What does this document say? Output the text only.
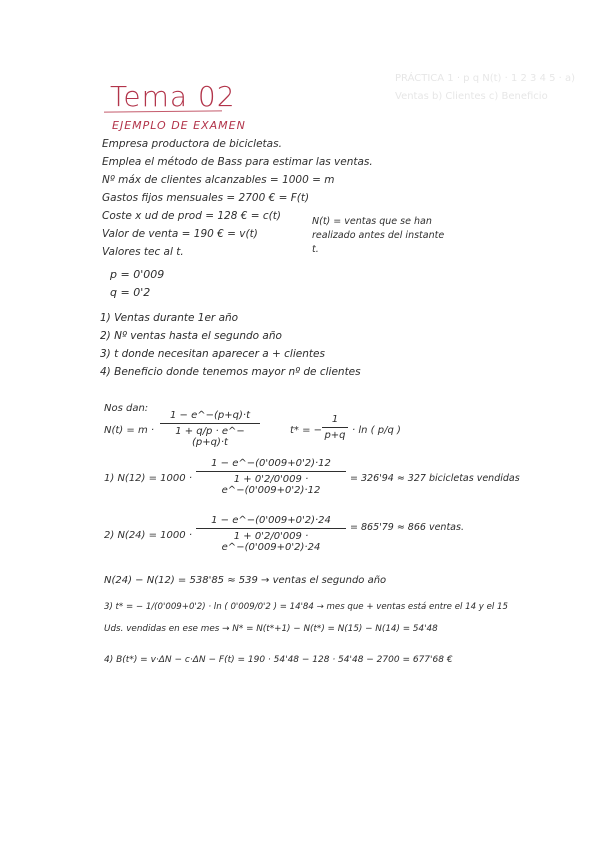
PRÁCTICA 1 · p q N(t) · 1 2 3 4 5 · a) Ventas b) Clientes c) Beneficio
Tema 02
EJEMPLO DE EXAMEN
Empresa productora de bicicletas.
Emplea el método de Bass para estimar las ventas.
Nº máx de clientes alcanzables = 1000 = m
Gastos fijos mensuales = 2700 € = F(t)
Coste x ud de prod = 128 € = c(t)
Valor de venta = 190 € = v(t)
Valores tec al t.
N(t) = ventas que se han realizado antes del instante t.
p = 0'009
q = 0'2
1) Ventas durante 1er año
2) Nº ventas hasta el segundo año
3) t donde necesitan aparecer a + clientes
4) Beneficio donde tenemos mayor nº de clientes
Nos dan:
N(t) = m ·
1 − e^−(p+q)·t
1 + q/p · e^−(p+q)·t
t* = −
1
p+q · ln ( p/q )
1) N(12) = 1000 ·
1 − e^−(0'009+0'2)·12
1 + 0'2/0'009 · e^−(0'009+0'2)·12
= 326'94 ≈ 327 bicicletas vendidas
2) N(24) = 1000 ·
1 − e^−(0'009+0'2)·24
1 + 0'2/0'009 · e^−(0'009+0'2)·24
= 865'79 ≈ 866 ventas.
N(24) − N(12) = 538'85 ≈ 539 → ventas el segundo año
3) t* = − 1/(0'009+0'2) · ln ( 0'009/0'2 ) = 14'84 → mes que + ventas está entre el 14 y el 15
Uds. vendidas en ese mes → N* = N(t*+1) − N(t*) = N(15) − N(14) = 54'48
4) B(t*) = v·ΔN − c·ΔN − F(t) = 190 · 54'48 − 128 · 54'48 − 2700 = 677'68 €
